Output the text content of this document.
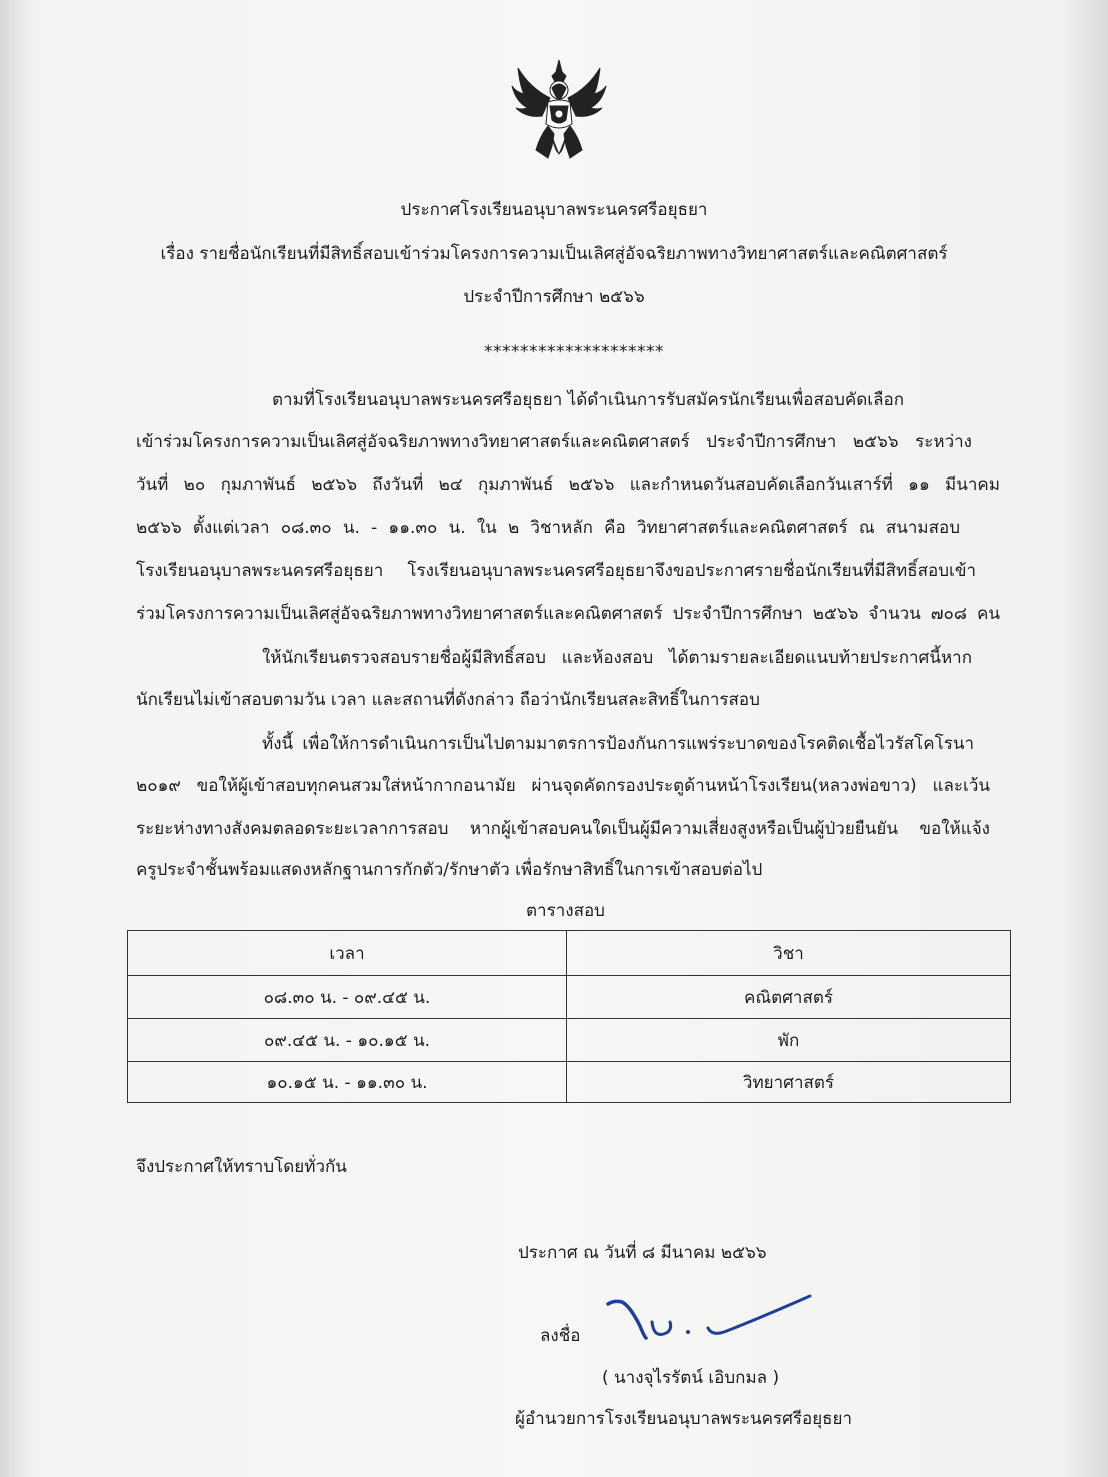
ประกาศโรงเรียนอนุบาลพระนครศรีอยุธยา
เรื่อง รายชื่อนักเรียนที่มีสิทธิ์สอบเข้าร่วมโครงการความเป็นเลิศสู่อัจฉริยภาพทางวิทยาศาสตร์และคณิตศาสตร์
ประจำปีการศึกษา ๒๕๖๖
********************
ตามที่โรงเรียนอนุบาลพระนครศรีอยุธยา ได้ดำเนินการรับสมัครนักเรียนเพื่อสอบคัดเลือก
เข้าร่วมโครงการความเป็นเลิศสู่อัจฉริยภาพทางวิทยาศาสตร์และคณิตศาสตร์ ประจำปีการศึกษา ๒๕๖๖ ระหว่าง
วันที่ ๒๐ กุมภาพันธ์ ๒๕๖๖ ถึงวันที่ ๒๔ กุมภาพันธ์ ๒๕๖๖ และกำหนดวันสอบคัดเลือกวันเสาร์ที่ ๑๑ มีนาคม
๒๕๖๖ ตั้งแต่เวลา ๐๘.๓๐ น. - ๑๑.๓๐ น. ใน ๒ วิชาหลัก คือ วิทยาศาสตร์และคณิตศาสตร์ ณ สนามสอบ
โรงเรียนอนุบาลพระนครศรีอยุธยา โรงเรียนอนุบาลพระนครศรีอยุธยาจึงขอประกาศรายชื่อนักเรียนที่มีสิทธิ์สอบเข้า
ร่วมโครงการความเป็นเลิศสู่อัจฉริยภาพทางวิทยาศาสตร์และคณิตศาสตร์ ประจำปีการศึกษา ๒๕๖๖ จำนวน ๗๐๘ คน
ให้นักเรียนตรวจสอบรายชื่อผู้มีสิทธิ์สอบ และห้องสอบ ได้ตามรายละเอียดแนบท้ายประกาศนี้หาก
นักเรียนไม่เข้าสอบตามวัน เวลา และสถานที่ดังกล่าว ถือว่านักเรียนสละสิทธิ์ในการสอบ
ทั้งนี้ เพื่อให้การดำเนินการเป็นไปตามมาตรการป้องกันการแพร่ระบาดของโรคติดเชื้อไวรัสโคโรนา
๒๐๑๙ ขอให้ผู้เข้าสอบทุกคนสวมใส่หน้ากากอนามัย ผ่านจุดคัดกรองประตูด้านหน้าโรงเรียน(หลวงพ่อขาว) และเว้น
ระยะห่างทางสังคมตลอดระยะเวลาการสอบ หากผู้เข้าสอบคนใดเป็นผู้มีความเสี่ยงสูงหรือเป็นผู้ป่วยยืนยัน ขอให้แจ้ง
ครูประจำชั้นพร้อมแสดงหลักฐานการกักตัว/รักษาตัว เพื่อรักษาสิทธิ์ในการเข้าสอบต่อไป
ตารางสอบ
เวลา	วิชา
๐๘.๓๐ น. - ๐๙.๔๕ น.	คณิตศาสตร์
๐๙.๔๕ น. - ๑๐.๑๕ น.	พัก
๑๐.๑๕ น. - ๑๑.๓๐ น.	วิทยาศาสตร์
จึงประกาศให้ทราบโดยทั่วกัน
ประกาศ ณ วันที่ ๘ มีนาคม ๒๕๖๖
ลงชื่อ
( นางจุไรรัตน์ เอิบกมล )
ผู้อำนวยการโรงเรียนอนุบาลพระนครศรีอยุธยา
